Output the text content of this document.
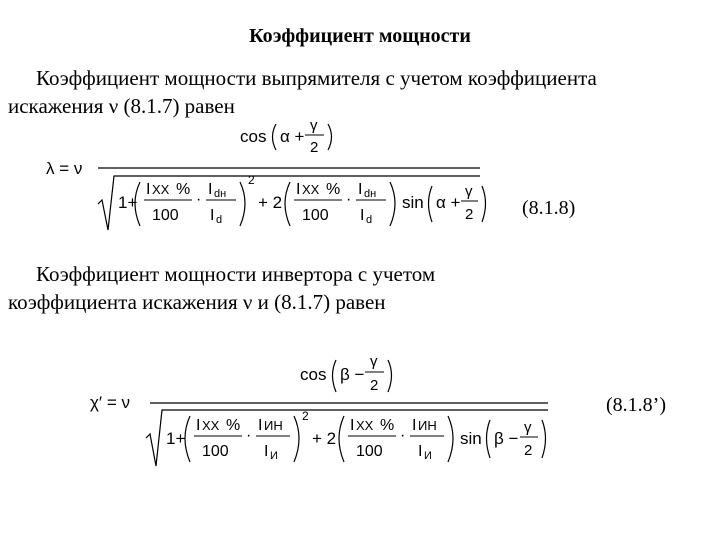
Коэффициент мощности
Коэффициент мощности выпрямителя с учетом коэффициента
искажения ν (8.1.7) равен
λ = ν
cos α +
γ
2
1+
I XX %
100
·
I dн
I d
2
+ 2
I XX %
100
·
I dн
I d
sin α +
γ
2 (8.1.8)
Коэффициент мощности инвертора с учетом
коэффициента искажения ν и (8.1.7) равен
χ′ = ν
cos β −
γ
2
1+
I XX %
100
·
I ИН
I И
2
+ 2
I XX %
100
·
I ИН
I И
sin β −
γ
2
(8.1.8’)
